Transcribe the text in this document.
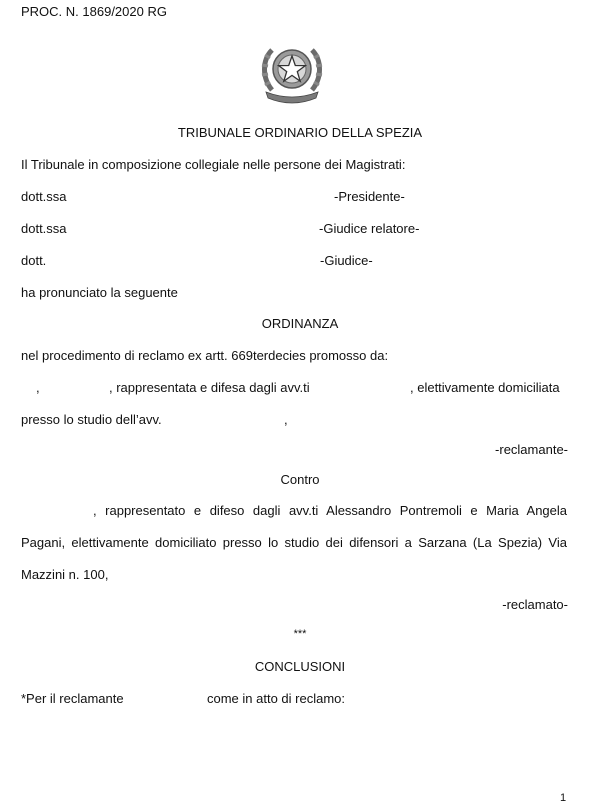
PROC. N. 1869/2020 RG
TRIBUNALE ORDINARIO DELLA SPEZIA
Il Tribunale in composizione collegiale nelle persone dei Magistrati:
dott.ssa	-Presidente-
dott.ssa	-Giudice relatore-
dott.	-Giudice-
ha pronunciato la seguente
ORDINANZA
nel procedimento di reclamo ex artt. 669terdecies promosso da:
,	, rappresentata e difesa dagli avv.ti	, elettivamente domiciliata
presso lo studio dell’avv.	,
-reclamante-
Contro
, rappresentato e difeso dagli avv.ti Alessandro Pontremoli e Maria Angela
Pagani, elettivamente domiciliato presso lo studio dei difensori a Sarzana (La Spezia) Via
Mazzini n. 100,
-reclamato-
***
CONCLUSIONI
*Per il reclamante	come in atto di reclamo:
1
